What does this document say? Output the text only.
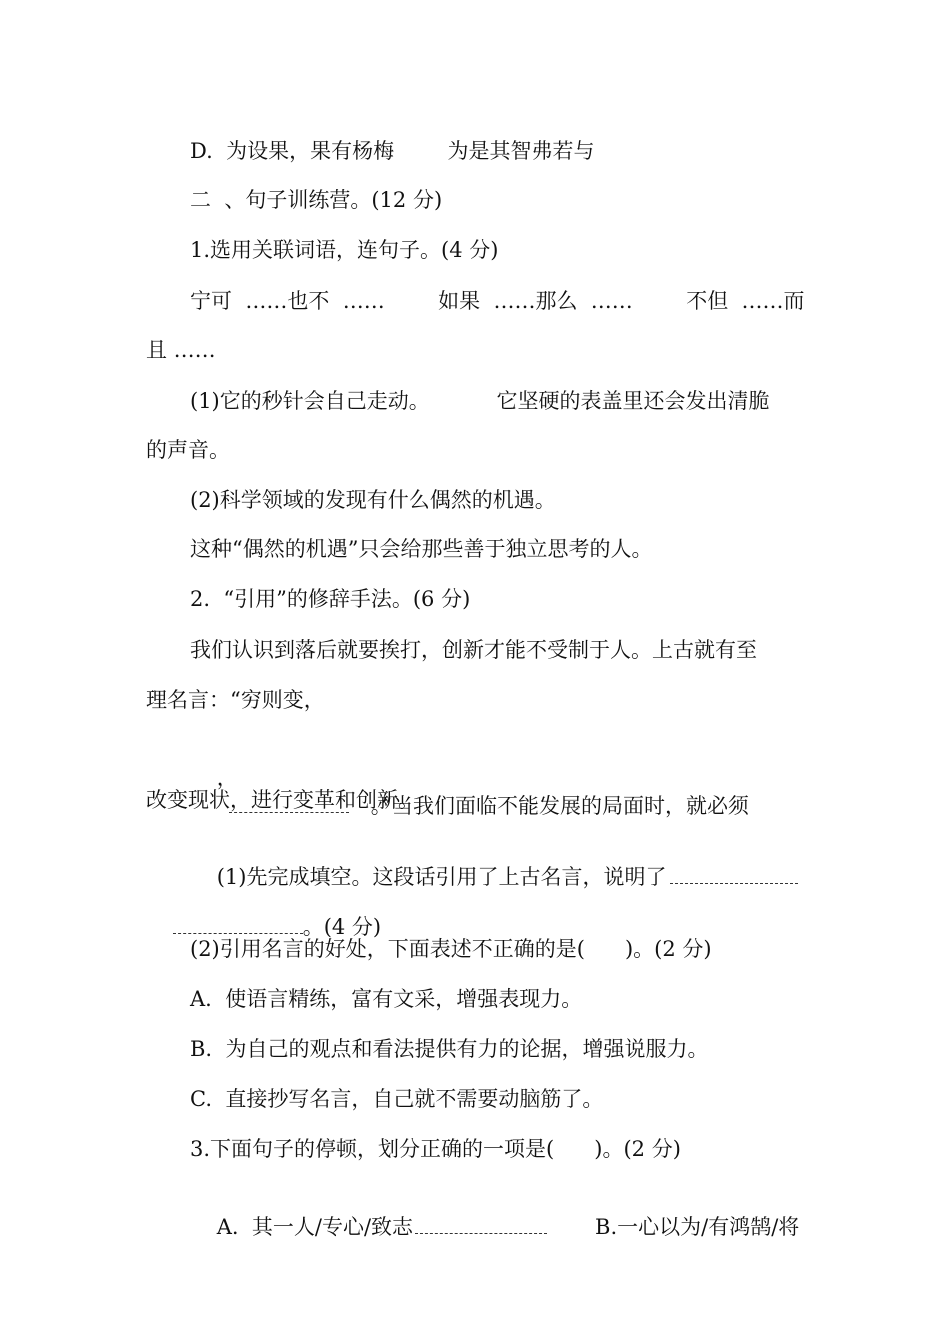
D.  为设果，果有杨梅        为是其智弗若与
二  、句子训练营。(12 分)
1.选用关联词语，连句子。(4 分)
宁可  ……也不  ……        如果  ……那么  ……        不但  ……而
且 ……
(1)它的秒针会自己走动。          它坚硬的表盖里还会发出清脆
的声音。
(2)科学领域的发现有什么偶然的机遇。
这种“偶然的机遇”只会给那些善于独立思考的人。
2.  “引用”的修辞手法。(6 分)
我们认识到落后就要挨打，创新才能不受制于人。上古就有至
理名言：“穷则变，

，
。”当我们面临不能发展的局面时，就必须

改变现状，进行变革和创新。

(1)先完成填空。这段话引用了上古名言，说明了

。(4 分)

(2)引用名言的好处，下面表述不正确的是(      )。(2 分)
A.  使语言精练，富有文采，增强表现力。
B.  为自己的观点和看法提供有力的论据，增强说服力。
C.  直接抄写名言，自己就不需要动脑筋了。
3.下面句子的停顿，划分正确的一项是(      )。(2 分)

A.  其一人/专心/致志	B.一心以为/有鸿鹄/将
